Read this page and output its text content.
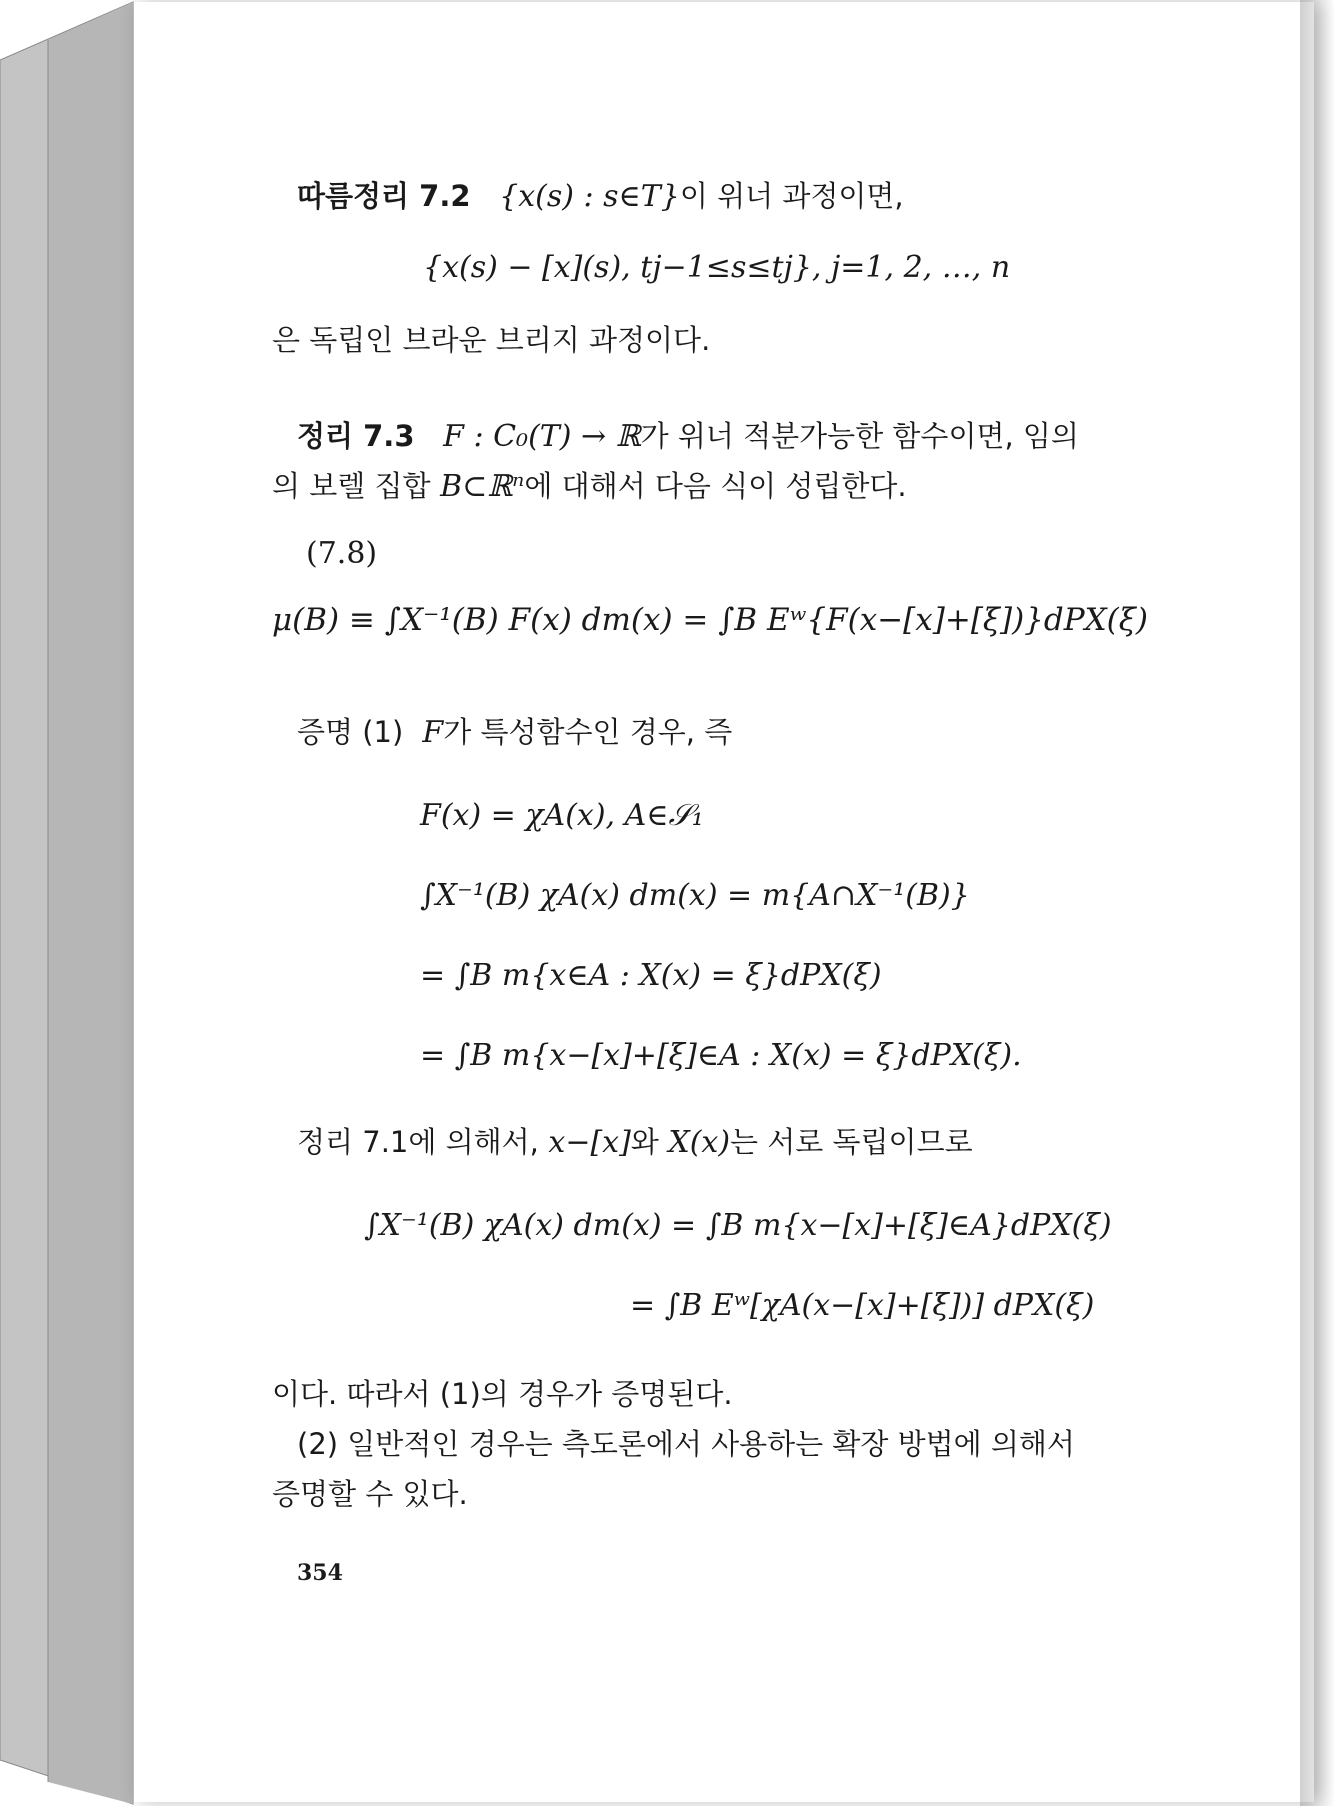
따름정리 7.2 {x(s) : s∈T}이 위너 과정이면,
{x(s) − [x](s), tj−1≤s≤tj}, j=1, 2, …, n
은 독립인 브라운 브리지 과정이다.
정리 7.3 F : C₀(T) → ℝ가 위너 적분가능한 함수이면, 임의
의 보렐 집합 B⊂ℝⁿ에 대해서 다음 식이 성립한다.
(7.8)
μ(B) ≡ ∫X⁻¹(B) F(x) dm(x) = ∫B Eʷ{F(x−[x]+[ξ])}dPX(ξ)
증명 (1) F가 특성함수인 경우, 즉
F(x) = χA(x), A∈𝒮₁
∫X⁻¹(B) χA(x) dm(x) = m{A∩X⁻¹(B)}
= ∫B m{x∈A : X(x) = ξ}dPX(ξ)
= ∫B m{x−[x]+[ξ]∈A : X(x) = ξ}dPX(ξ).
정리 7.1에 의해서, x−[x]와 X(x)는 서로 독립이므로
∫X⁻¹(B) χA(x) dm(x) = ∫B m{x−[x]+[ξ]∈A}dPX(ξ)
= ∫B Eʷ[χA(x−[x]+[ξ])] dPX(ξ)
이다. 따라서 (1)의 경우가 증명된다.
(2) 일반적인 경우는 측도론에서 사용하는 확장 방법에 의해서
증명할 수 있다.
354
